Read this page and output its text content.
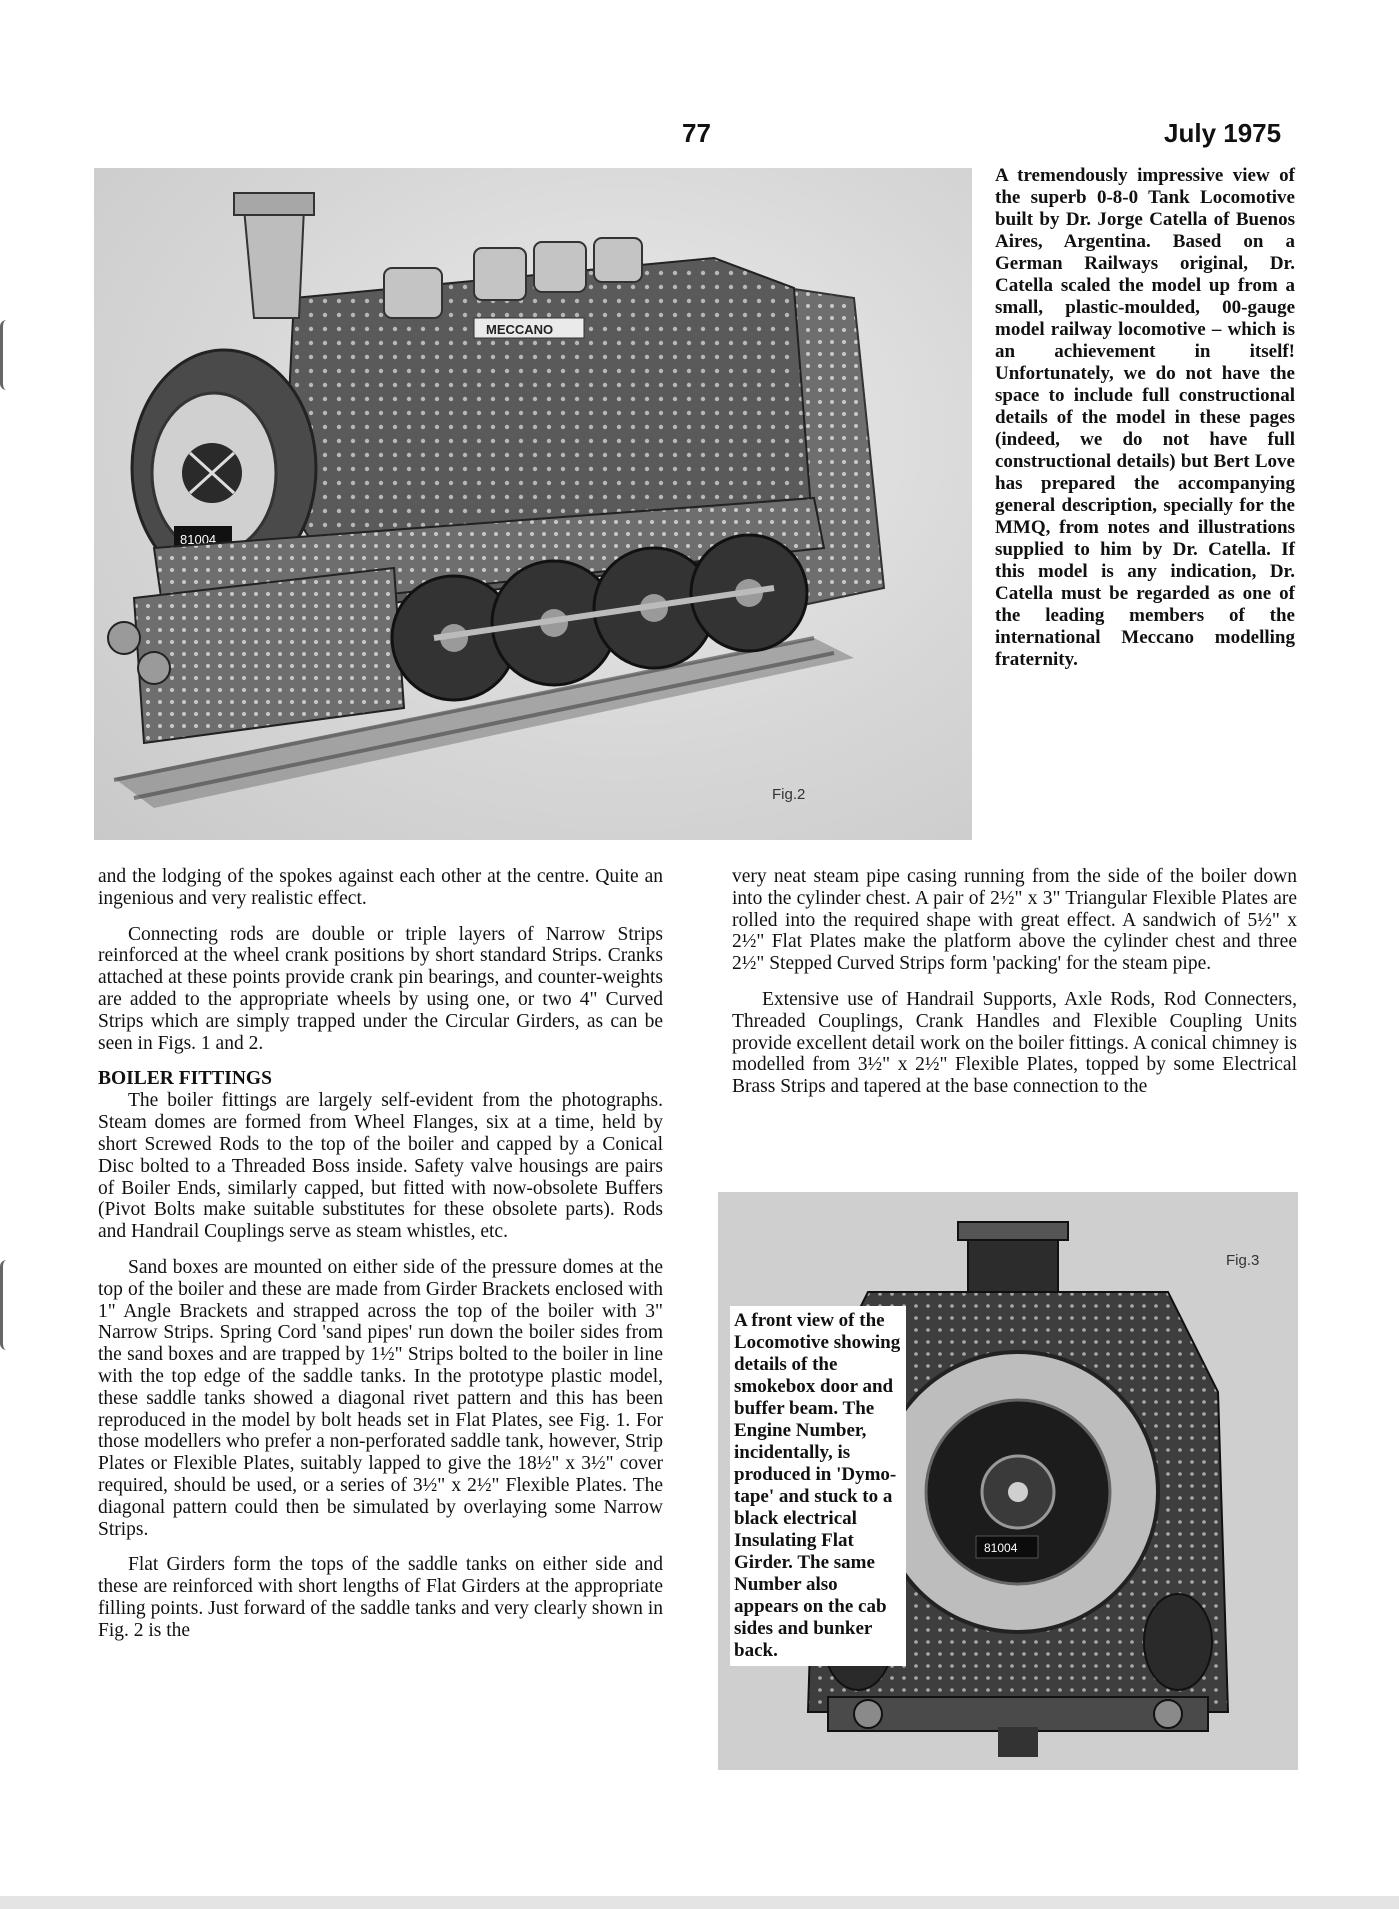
77	July 1975
81004
MECCANO
Fig.2
A tremendously impressive view of the superb 0-8-0 Tank Locomotive built by Dr. Jorge Catella of Buenos Aires, Argentina. Based on a German Railways original, Dr. Catella scaled the model up from a small, plastic-moulded, 00-gauge model railway locomotive – which is an achievement in itself! Unfortunately, we do not have the space to include full constructional details of the model in these pages (indeed, we do not have full constructional details) but Bert Love has prepared the accompanying general description, specially for the MMQ, from notes and illustrations supplied to him by Dr. Catella. If this model is any indication, Dr. Catella must be regarded as one of the leading members of the international Meccano modelling fraternity.

and the lodging of the spokes against each other at the centre. Quite an ingenious and very realistic effect.

Connecting rods are double or triple layers of Narrow Strips reinforced at the wheel crank positions by short standard Strips. Cranks attached at these points provide crank pin bearings, and counter-weights are added to the appropriate wheels by using one, or two 4" Curved Strips which are simply trapped under the Circular Girders, as can be seen in Figs. 1 and 2.

BOILER FITTINGS

The boiler fittings are largely self-evident from the photographs. Steam domes are formed from Wheel Flanges, six at a time, held by short Screwed Rods to the top of the boiler and capped by a Conical Disc bolted to a Threaded Boss inside. Safety valve housings are pairs of Boiler Ends, similarly capped, but fitted with now-obsolete Buffers (Pivot Bolts make suitable substitutes for these obsolete parts). Rods and Handrail Couplings serve as steam whistles, etc.

Sand boxes are mounted on either side of the pressure domes at the top of the boiler and these are made from Girder Brackets enclosed with 1" Angle Brackets and strapped across the top of the boiler with 3" Narrow Strips. Spring Cord 'sand pipes' run down the boiler sides from the sand boxes and are trapped by 1½" Strips bolted to the boiler in line with the top edge of the saddle tanks. In the prototype plastic model, these saddle tanks showed a diagonal rivet pattern and this has been reproduced in the model by bolt heads set in Flat Plates, see Fig. 1. For those modellers who prefer a non-perforated saddle tank, however, Strip Plates or Flexible Plates, suitably lapped to give the 18½" x 3½" cover required, should be used, or a series of 3½" x 2½" Flexible Plates. The diagonal pattern could then be simulated by overlaying some Narrow Strips.

Flat Girders form the tops of the saddle tanks on either side and these are reinforced with short lengths of Flat Girders at the appropriate filling points. Just forward of the saddle tanks and very clearly shown in Fig. 2 is the

very neat steam pipe casing running from the side of the boiler down into the cylinder chest. A pair of 2½" x 3" Triangular Flexible Plates are rolled into the required shape with great effect. A sandwich of 5½" x 2½" Flat Plates make the platform above the cylinder chest and three 2½" Stepped Curved Strips form 'packing' for the steam pipe.

Extensive use of Handrail Supports, Axle Rods, Rod Connecters, Threaded Couplings, Crank Handles and Flexible Coupling Units provide excellent detail work on the boiler fittings. A conical chimney is modelled from 3½" x 2½" Flexible Plates, topped by some Electrical Brass Strips and tapered at the base connection to the

81004
Fig.3
A front view of the Locomotive showing details of the smokebox door and buffer beam. The Engine Number, incidentally, is produced in 'Dymo-tape' and stuck to a black electrical Insulating Flat Girder. The same Number also appears on the cab sides and bunker back.
